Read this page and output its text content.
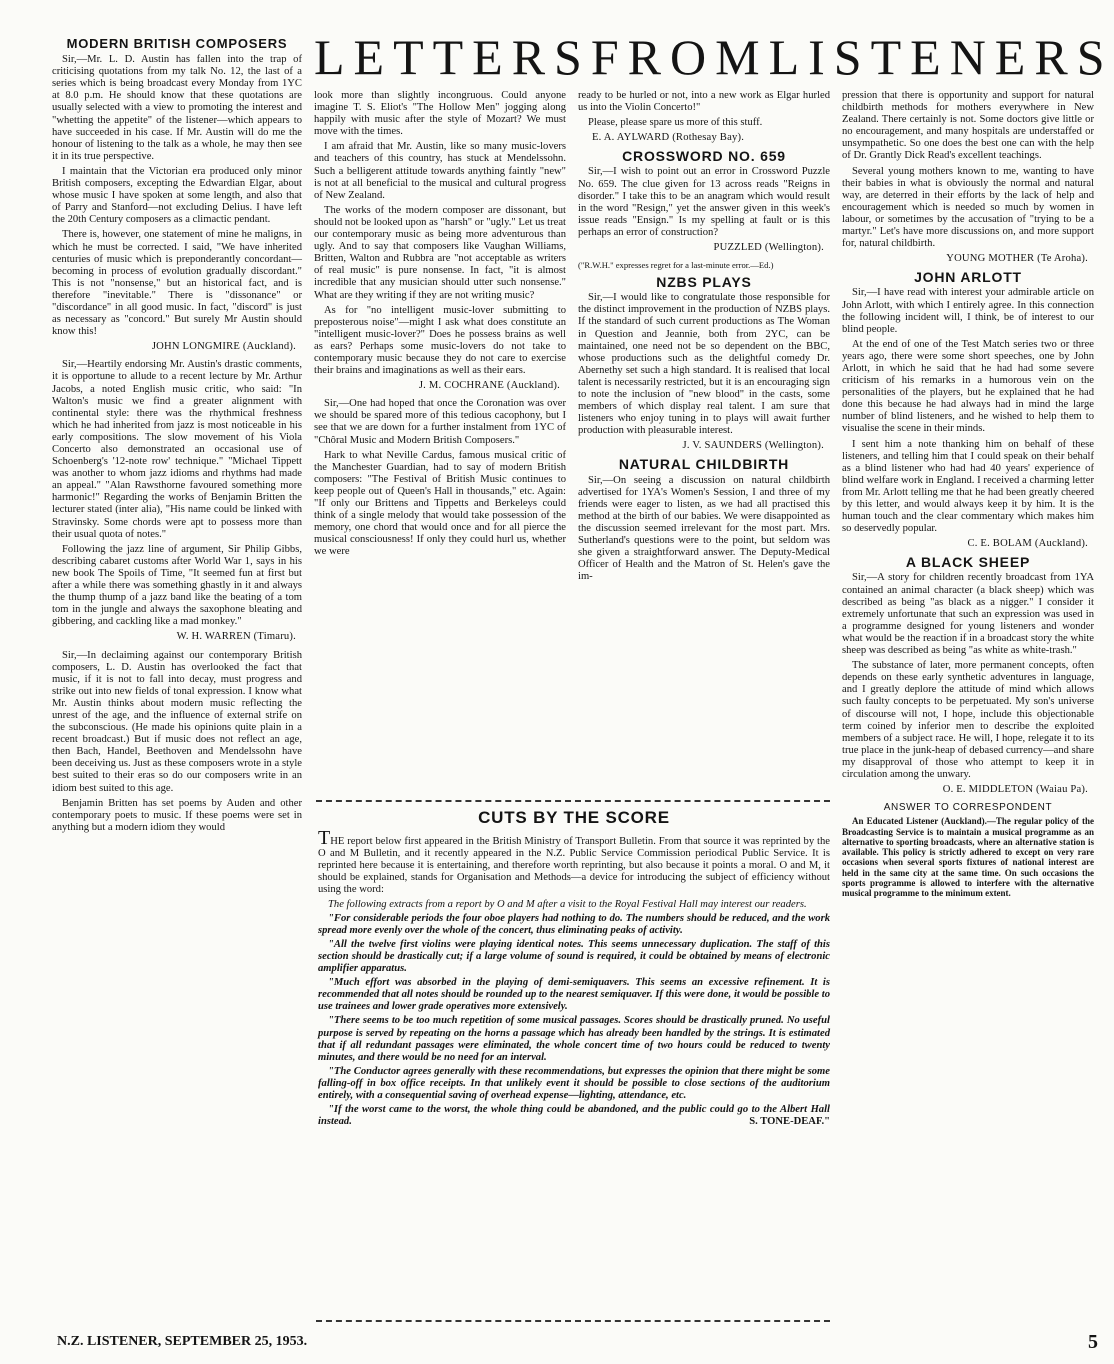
LETTERS FROM LISTENERS
MODERN BRITISH COMPOSERS

Sir,—Mr. L. D. Austin has fallen into the trap of criticising quotations from my talk No. 12, the last of a series which is being broadcast every Monday from 1YC at 8.0 p.m. He should know that these quotations are usually selected with a view to promoting the interest and "whetting the appetite" of the listener—which appears to have succeeded in his case. If Mr. Austin will do me the honour of listening to the talk as a whole, he may then see it in its true perspective.

I maintain that the Victorian era produced only minor British composers, excepting the Edwardian Elgar, about whose music I have spoken at some length, and also that of Parry and Stanford—not excluding Delius. I have left the 20th Century composers as a climactic pendant.

There is, however, one statement of mine he maligns, in which he must be corrected. I said, "We have inherited centuries of music which is preponderantly concordant—becoming in process of evolution gradually discordant." This is not "nonsense," but an historical fact, and is therefore "inevitable." There is "dissonance" or "discordance" in all good music. In fact, "discord" is just as necessary as "concord." But surely Mr Austin should know this!

JOHN LONGMIRE (Auckland).

Sir,—Heartily endorsing Mr. Austin's drastic comments, it is opportune to allude to a recent lecture by Mr. Arthur Jacobs, a noted English music critic, who said: "In Walton's music we find a greater alignment with continental style: there was the rhythmical freshness which he had inherited from jazz is most noticeable in his early compositions. The slow movement of his Viola Concerto also demonstrated an occasional use of Schoenberg's '12-note row' technique." "Michael Tippett was another to whom jazz idioms and rhythms had made an appeal." "Alan Rawsthorne favoured something more harmonic!" Regarding the works of Benjamin Britten the lecturer stated (inter alia), "His name could be linked with Stravinsky. Some chords were apt to possess more than their usual quota of notes."

Following the jazz line of argument, Sir Philip Gibbs, describing cabaret customs after World War 1, says in his new book The Spoils of Time, "It seemed fun at first but after a while there was something ghastly in it and always the thump thump of a jazz band like the beating of a tom tom in the jungle and always the saxophone bleating and gibbering, and cackling like a mad monkey."

W. H. WARREN (Timaru).

Sir,—In declaiming against our contemporary British composers, L. D. Austin has overlooked the fact that music, if it is not to fall into decay, must progress and strike out into new fields of tonal expression. I know what Mr. Austin thinks about modern music reflecting the unrest of the age, and the influence of external strife on the subconscious. (He made his opinions quite plain in a recent broadcast.) But if music does not reflect an age, then Bach, Handel, Beethoven and Mendelssohn have been deceiving us. Just as these composers wrote in a style best suited to their eras so do our composers write in an idiom best suited to this age.

Benjamin Britten has set poems by Auden and other contemporary poets to music. If these poems were set in anything but a modern idiom they would

look more than slightly incongruous. Could anyone imagine T. S. Eliot's "The Hollow Men" jogging along happily with music after the style of Mozart? We must move with the times.

I am afraid that Mr. Austin, like so many music-lovers and teachers of this country, has stuck at Mendelssohn. Such a belligerent attitude towards anything faintly "new" is not at all beneficial to the musical and cultural progress of New Zealand.

The works of the modern composer are dissonant, but should not be looked upon as "harsh" or "ugly." Let us treat our contemporary music as being more adventurous than ugly. And to say that composers like Vaughan Williams, Britten, Walton and Rubbra are "not acceptable as writers of real music" is pure nonsense. In fact, "it is almost incredible that any musician should utter such nonsense." What are they writing if they are not writing music?

As for "no intelligent music-lover submitting to preposterous noise"—might I ask what does constitute an "intelligent music-lover?" Does he possess brains as well as ears? Perhaps some music-lovers do not take to contemporary music because they do not care to exercise their brains and imaginations as well as their ears.

J. M. COCHRANE (Auckland).

Sir,—One had hoped that once the Coronation was over we should be spared more of this tedious cacophony, but I see that we are down for a further instalment from 1YC of "Chôral Music and Modern British Composers."

Hark to what Neville Cardus, famous musical critic of the Manchester Guardian, had to say of modern British composers: "The Festival of British Music continues to keep people out of Queen's Hall in thousands," etc. Again: "If only our Brittens and Tippetts and Berkeleys could think of a single melody that would take possession of the memory, one chord that would once and for all pierce the musical consciousness! If only they could hurl us, whether we were

ready to be hurled or not, into a new work as Elgar hurled us into the Violin Concerto!"

Please, please spare us more of this stuff.

E. A. AYLWARD (Rothesay Bay).
CROSSWORD NO. 659

Sir,—I wish to point out an error in Crossword Puzzle No. 659. The clue given for 13 across reads "Reigns in disorder." I take this to be an anagram which would result in the word "Resign," yet the answer given in this week's issue reads "Ensign." Is my spelling at fault or is this perhaps an error of construction?

PUZZLED (Wellington).
("R.W.H." expresses regret for a last-minute error.—Ed.)
NZBS PLAYS

Sir,—I would like to congratulate those responsible for the distinct improvement in the production of NZBS plays. If the standard of such current productions as The Woman in Question and Jeannie, both from 2YC, can be maintained, one need not be so dependent on the BBC, whose productions such as the delightful comedy Dr. Abernethy set such a high standard. It is realised that local talent is necessarily restricted, but it is an encouraging sign to note the inclusion of "new blood" in the casts, some members of which display real talent. I am sure that listeners who enjoy tuning in to plays will await further production with pleasurable interest.

J. V. SAUNDERS (Wellington).
NATURAL CHILDBIRTH

Sir,—On seeing a discussion on natural childbirth advertised for 1YA's Women's Session, I and three of my friends were eager to listen, as we had all practised this method at the birth of our babies. We were disappointed as the discussion seemed irrelevant for the most part. Mrs. Sutherland's questions were to the point, but seldom was she given a straightforward answer. The Deputy-Medical Officer of Health and the Matron of St. Helen's gave the im-

pression that there is opportunity and support for natural childbirth methods for mothers everywhere in New Zealand. There certainly is not. Some doctors give little or no encouragement, and many hospitals are understaffed or unsympathetic. So one does the best one can with the help of Dr. Grantly Dick Read's excellent teachings.

Several young mothers known to me, wanting to have their babies in what is obviously the normal and natural way, are deterred in their efforts by the lack of help and encouragement which is needed so much by women in labour, or sometimes by the accusation of "trying to be a martyr." Let's have more discussions on, and more support for, natural childbirth.

YOUNG MOTHER (Te Aroha).
JOHN ARLOTT

Sir,—I have read with interest your admirable article on John Arlott, with which I entirely agree. In this connection the following incident will, I think, be of interest to our blind people.

At the end of one of the Test Match series two or three years ago, there were some short speeches, one by John Arlott, in which he said that he had had some severe criticism of his remarks in a humorous vein on the personalities of the players, but he explained that he had done this because he had always had in mind the large number of blind listeners, and he wished to help them to visualise the scene in their minds.

I sent him a note thanking him on behalf of these listeners, and telling him that I could speak on their behalf as a blind listener who had had 40 years' experience of blind welfare work in England. I received a charming letter from Mr. Arlott telling me that he had been greatly cheered by this letter, and would always keep it by him. It is the human touch and the clear commentary which makes him so deservedly popular.

C. E. BOLAM (Auckland).
A BLACK SHEEP

Sir,—A story for children recently broadcast from 1YA contained an animal character (a black sheep) which was described as being "as black as a nigger." I consider it extremely unfortunate that such an expression was used in a programme designed for young listeners and wonder what would be the reaction if in a broadcast story the white sheep was described as being "as white as white-trash."

The substance of later, more permanent concepts, often depends on these early synthetic adventures in language, and I greatly deplore the attitude of mind which allows such faulty concepts to be perpetuated. My son's universe of discourse will not, I hope, include this objectionable term coined by inferior men to describe the exploited members of a subject race. He will, I hope, relegate it to its true place in the junk-heap of debased currency—and share my disapproval of those who attempt to keep it in circulation among the unwary.

O. E. MIDDLETON (Waiau Pa).
ANSWER TO CORRESPONDENT

An Educated Listener (Auckland).—The regular policy of the Broadcasting Service is to maintain a musical programme as an alternative to sporting broadcasts, where an alternative station is available. This policy is strictly adhered to except on very rare occasions when several sports fixtures of national interest are held in the same city at the same time. On such occasions the sports programme is allowed to interfere with the alternative musical programme to the minimum extent.

CUTS BY THE SCORE

THE report below first appeared in the British Ministry of Transport Bulletin. From that source it was reprinted by the O and M Bulletin, and it recently appeared in the N.Z. Public Service Commission periodical Public Service. It is reprinted here because it is entertaining, and therefore worth reprinting, but also because it points a moral. O and M, it should be explained, stands for Organisation and Methods—a device for introducing the subject of efficiency without using the word:

The following extracts from a report by O and M after a visit to the Royal Festival Hall may interest our readers.

"For considerable periods the four oboe players had nothing to do. The numbers should be reduced, and the work spread more evenly over the whole of the concert, thus eliminating peaks of activity.

"All the twelve first violins were playing identical notes. This seems unnecessary duplication. The staff of this section should be drastically cut; if a large volume of sound is required, it could be obtained by means of electronic amplifier apparatus.

"Much effort was absorbed in the playing of demi-semiquavers. This seems an excessive refinement. It is recommended that all notes should be rounded up to the nearest semiquaver. If this were done, it would be possible to use trainees and lower grade operatives more extensively.

"There seems to be too much repetition of some musical passages. Scores should be drastically pruned. No useful purpose is served by repeating on the horns a passage which has already been handled by the strings. It is estimated that if all redundant passages were eliminated, the whole concert time of two hours could be reduced to twenty minutes, and there would be no need for an interval.

"The Conductor agrees generally with these recommendations, but expresses the opinion that there might be some falling-off in box office receipts. In that unlikely event it should be possible to close sections of the auditorium entirely, with a consequential saving of overhead expense—lighting, attendance, etc.

"If the worst came to the worst, the whole thing could be abandoned, and the public could go to the Albert Hall instead.	S. TONE-DEAF."

N.Z. LISTENER, SEPTEMBER 25, 1953.	5
